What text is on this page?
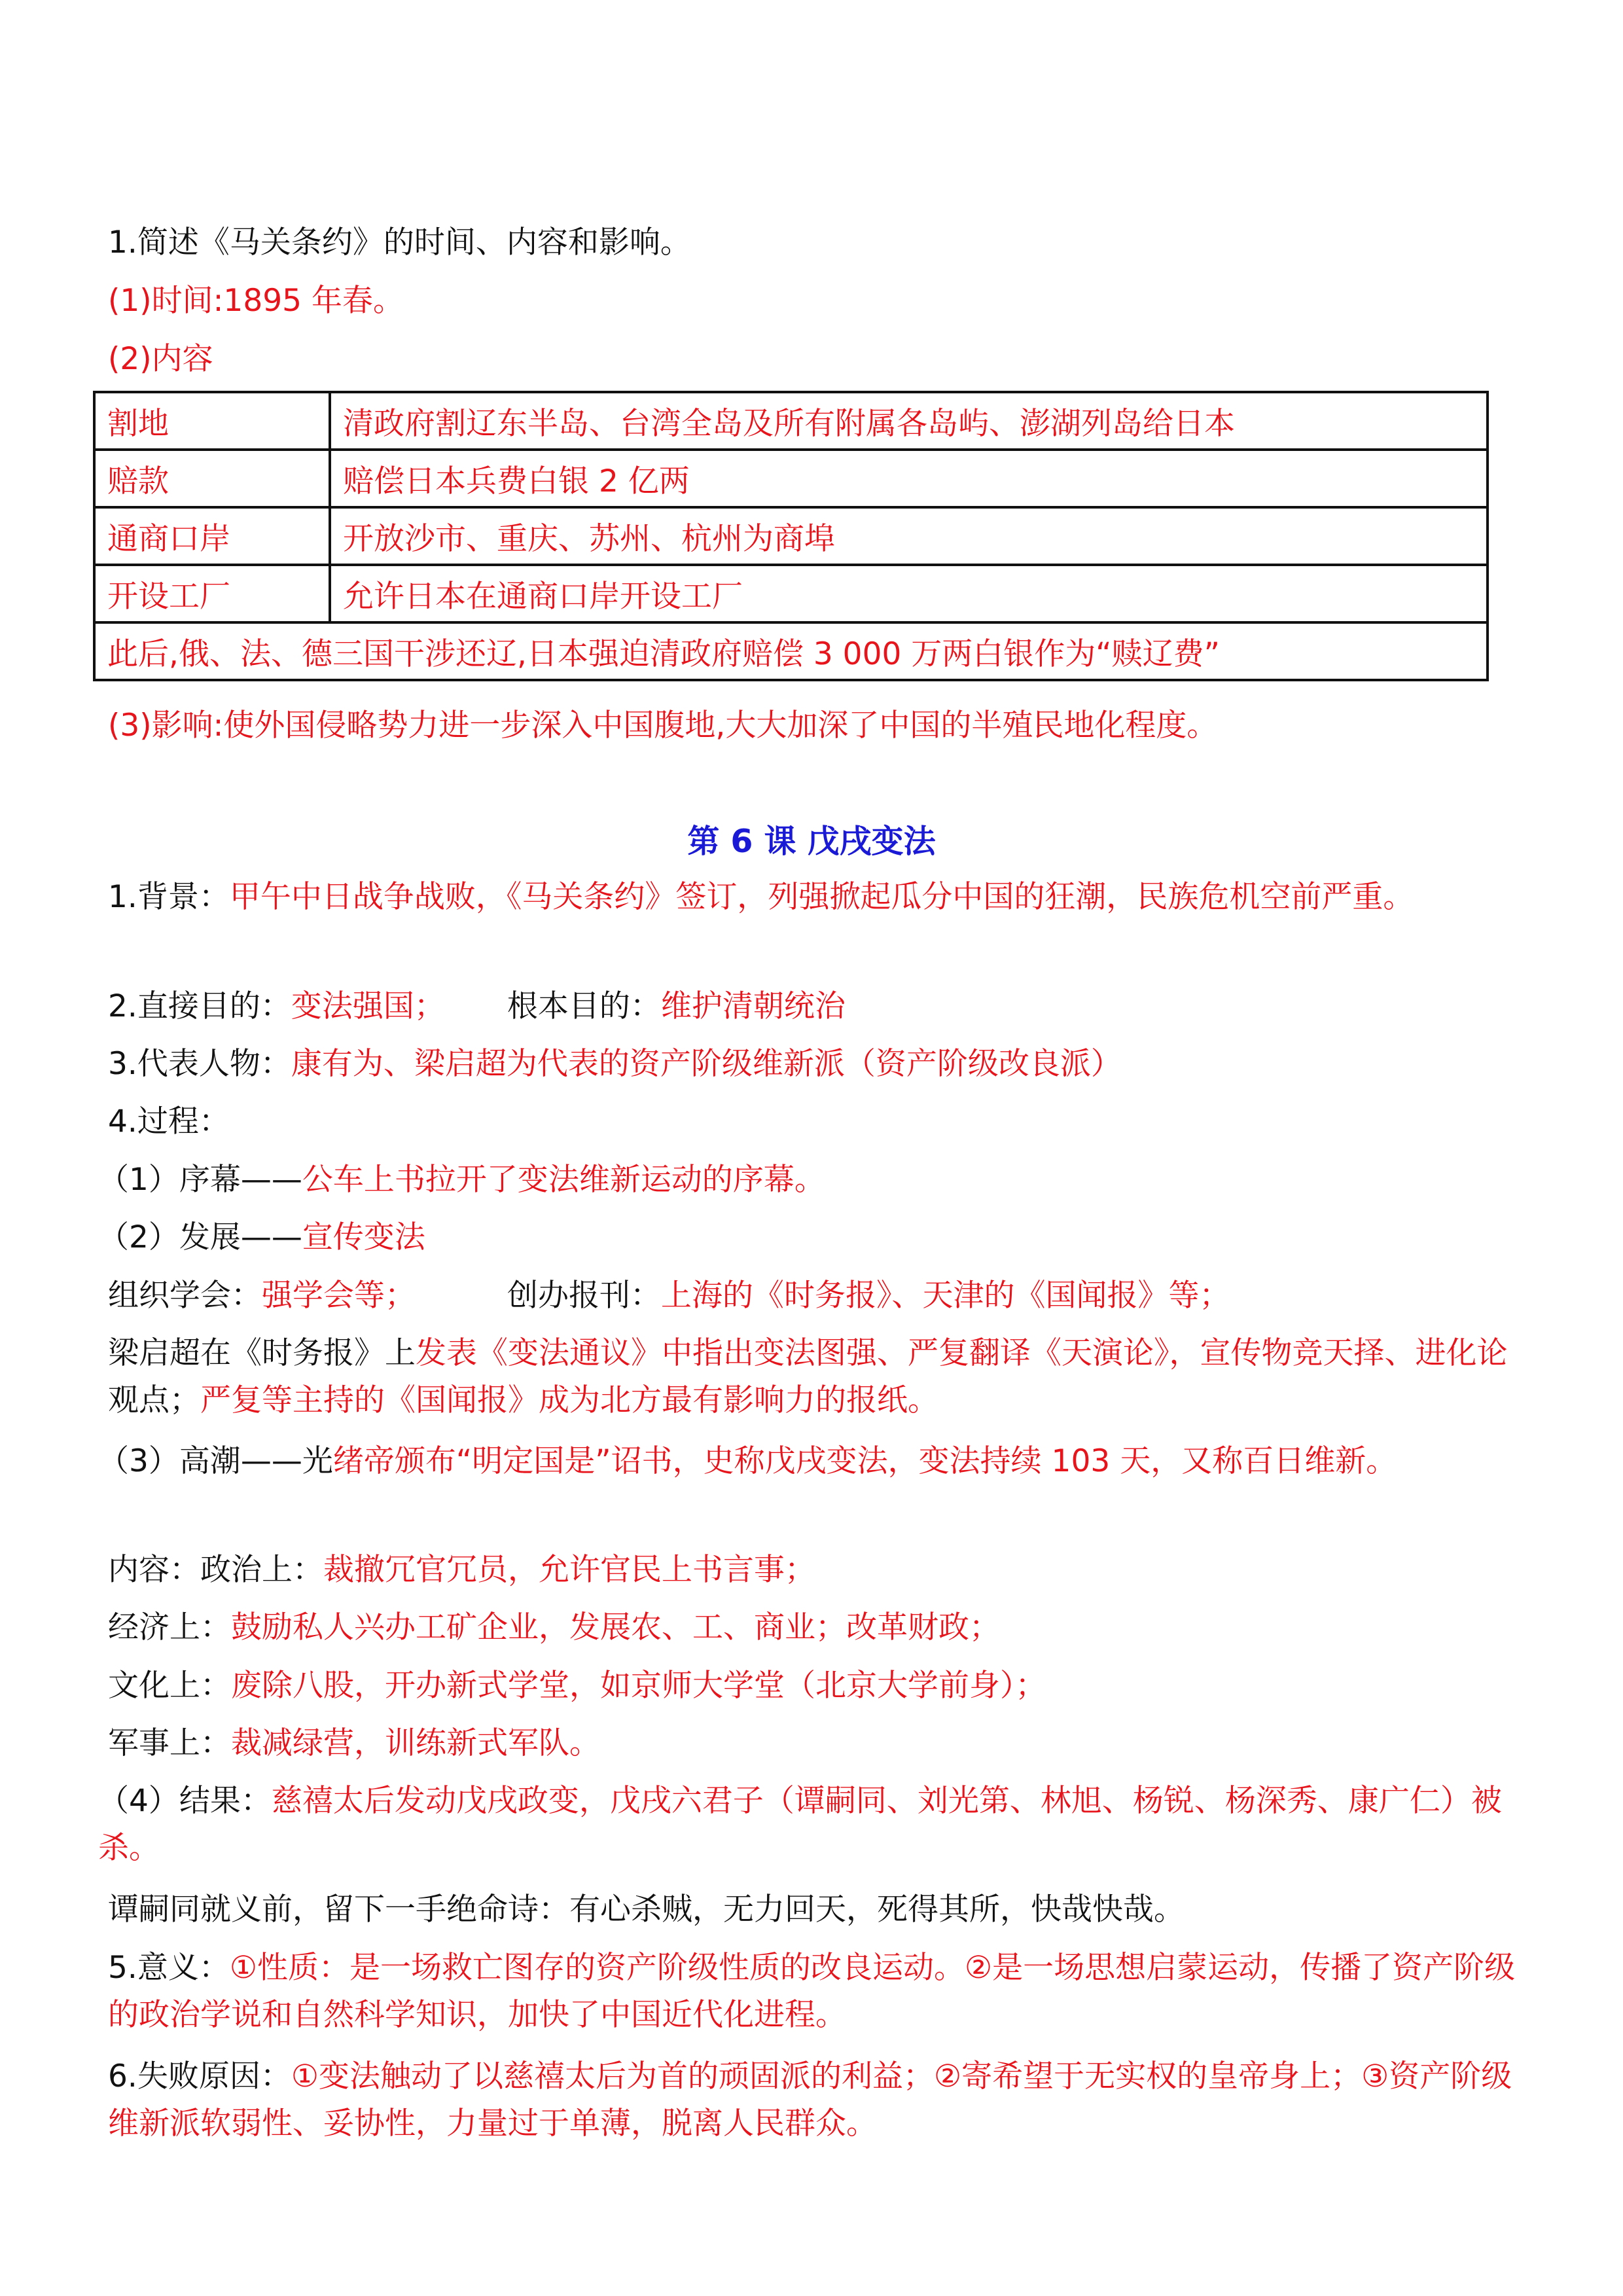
1.简述《马关条约》的时间、内容和影响。
(1)时间:1895 年春。
(2)内容
割地	清政府割辽东半岛、台湾全岛及所有附属各岛屿、澎湖列岛给日本
赔款	赔偿日本兵费白银 2 亿两
通商口岸	开放沙市、重庆、苏州、杭州为商埠
开设工厂	允许日本在通商口岸开设工厂
此后,俄、法、德三国干涉还辽,日本强迫清政府赔偿 3 000 万两白银作为“赎辽费”	
(3)影响:使外国侵略势力进一步深入中国腹地,大大加深了中国的半殖民地化程度。
第 6 课 戊戌变法
1.背景：甲午中日战争战败，《马关条约》签订，列强掀起瓜分中国的狂潮，民族危机空前严重。
2.直接目的：变法强国； 根本目的：维护清朝统治
3.代表人物：康有为、梁启超为代表的资产阶级维新派（资产阶级改良派）
4.过程：
（1）序幕——公车上书拉开了变法维新运动的序幕。
（2）发展——宣传变法
组织学会：强学会等；	创办报刊：上海的《时务报》、天津的《国闻报》等；
梁启超在《时务报》上发表《变法通议》中指出变法图强、严复翻译《天演论》，宣传物竞天择、进化论观点；严复等主持的《国闻报》成为北方最有影响力的报纸。
（3）高潮——光绪帝颁布“明定国是”诏书，史称戊戌变法，变法持续 103 天，又称百日维新。
内容：政治上：裁撤冗官冗员，允许官民上书言事；
经济上：鼓励私人兴办工矿企业，发展农、工、商业；改革财政；
文化上：废除八股，开办新式学堂，如京师大学堂（北京大学前身）；
军事上：裁减绿营，训练新式军队。
（4）结果：慈禧太后发动戊戌政变，戊戌六君子（谭嗣同、刘光第、林旭、杨锐、杨深秀、康广仁）被杀。
谭嗣同就义前，留下一手绝命诗：有心杀贼，无力回天，死得其所，快哉快哉。
5.意义：①性质：是一场救亡图存的资产阶级性质的改良运动。②是一场思想启蒙运动，传播了资产阶级的政治学说和自然科学知识，加快了中国近代化进程。
6.失败原因：①变法触动了以慈禧太后为首的顽固派的利益；②寄希望于无实权的皇帝身上；③资产阶级维新派软弱性、妥协性，力量过于单薄，脱离人民群众。
